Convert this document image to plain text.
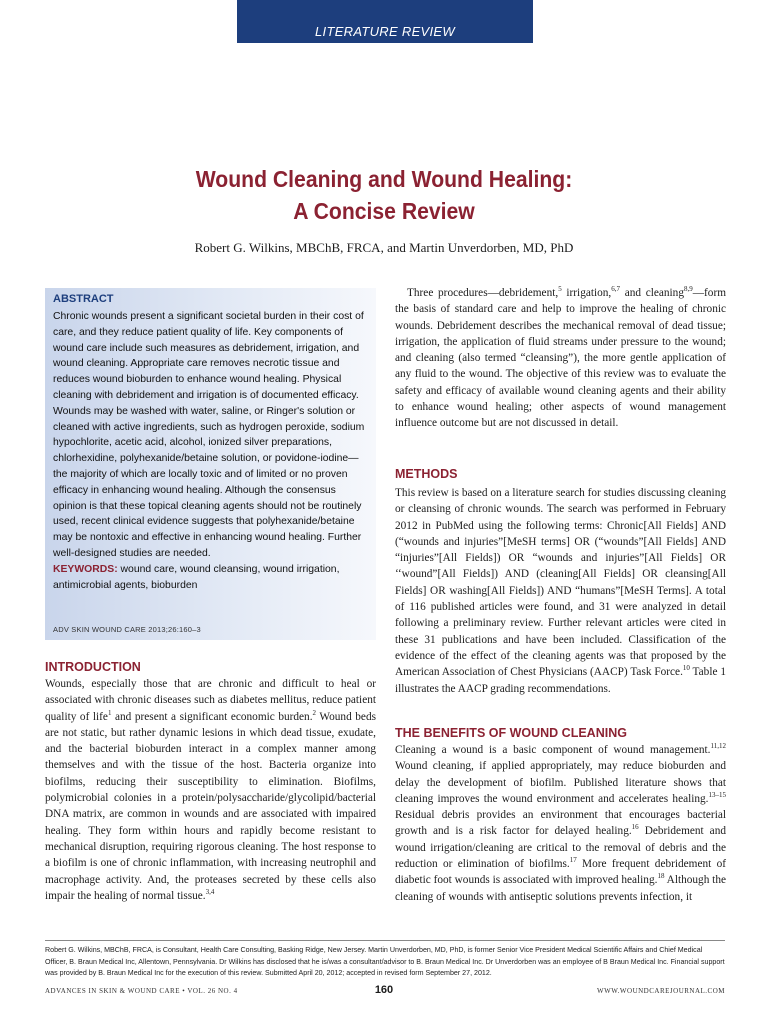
LITERATURE REVIEW
Wound Cleaning and Wound Healing:
A Concise Review
Robert G. Wilkins, MBChB, FRCA, and Martin Unverdorben, MD, PhD
ABSTRACT
Chronic wounds present a significant societal burden in their cost of care, and they reduce patient quality of life. Key components of wound care include such measures as debridement, irrigation, and wound cleaning. Appropriate care removes necrotic tissue and reduces wound bioburden to enhance wound healing. Physical cleaning with debridement and irrigation is of documented efficacy. Wounds may be washed with water, saline, or Ringer's solution or cleaned with active ingredients, such as hydrogen peroxide, sodium hypochlorite, acetic acid, alcohol, ionized silver preparations, chlorhexidine, polyhexanide/betaine solution, or povidone-iodine—the majority of which are locally toxic and of limited or no proven efficacy in enhancing wound healing. Although the consensus opinion is that these topical cleaning agents should not be routinely used, recent clinical evidence suggests that polyhexanide/betaine may be nontoxic and effective in enhancing wound healing. Further well-designed studies are needed.
KEYWORDS: wound care, wound cleansing, wound irrigation, antimicrobial agents, bioburden
ADV SKIN WOUND CARE 2013;26:160–3
INTRODUCTION

Wounds, especially those that are chronic and difficult to heal or associated with chronic diseases such as diabetes mellitus, reduce patient quality of life$^1$ and present a significant economic burden.$^2$ Wound beds are not static, but rather dynamic lesions in which dead tissue, exudate, and the bacterial bioburden interact in a complex manner among themselves and with the tissue of the host. Bacteria organize into biofilms, reducing their susceptibility to elimination. Biofilms, polymicrobial colonies in a protein/polysaccharide/glycolipid/bacterial DNA matrix, are common in wounds and are associated with impaired healing. They form within hours and rapidly become resistant to mechanical disruption, requiring rigorous cleaning. The host response to a biofilm is one of chronic inflammation, with increasing neutrophil and macrophage activity. And, the proteases secreted by these cells also impair the healing of normal tissue.$^{3,4}$

Three procedures—debridement,$^5$ irrigation,$^{6,7}$ and cleaning$^{8,9}$—form the basis of standard care and help to improve the healing of chronic wounds. Debridement describes the mechanical removal of dead tissue; irrigation, the application of fluid streams under pressure to the wound; and cleaning (also termed “cleansing”), the more gentle application of any fluid to the wound. The objective of this review was to evaluate the safety and efficacy of available wound cleaning agents and their ability to enhance wound healing; other aspects of wound management influence outcome but are not discussed in detail.

METHODS

This review is based on a literature search for studies discussing cleaning or cleansing of chronic wounds. The search was performed in February 2012 in PubMed using the following terms: Chronic[All Fields] AND (“wounds and injuries”[MeSH terms] OR (“wounds”[All Fields] AND “injuries”[All Fields]) OR “wounds and injuries”[All Fields] OR ‘‘wound”[All Fields]) AND (cleaning[All Fields] OR cleansing[All Fields] OR washing[All Fields]) AND “humans”[MeSH Terms]. A total of 116 published articles were found, and 31 were analyzed in detail following a preliminary review. Further relevant articles were cited in these 31 publications and have been included. Classification of the evidence of the effect of the cleaning agents was that proposed by the American Association of Chest Physicians (AACP) Task Force.$^{10}$ Table 1 illustrates the AACP grading recommendations.

THE BENEFITS OF WOUND CLEANING

Cleaning a wound is a basic component of wound management.$^{11,12}$ Wound cleaning, if applied appropriately, may reduce bioburden and delay the development of biofilm. Published literature shows that cleaning improves the wound environment and accelerates healing.$^{13-15}$ Residual debris provides an environment that encourages bacterial growth and is a risk factor for delayed healing.$^{16}$ Debridement and wound irrigation/cleaning are critical to the removal of debris and the reduction or elimination of biofilms.$^{17}$ More frequent debridement of diabetic foot wounds is associated with improved healing.$^{18}$ Although the cleaning of wounds with antiseptic solutions prevents infection, it

Robert G. Wilkins, MBChB, FRCA, is Consultant, Health Care Consulting, Basking Ridge, New Jersey. Martin Unverdorben, MD, PhD, is former Senior Vice President Medical Scientific Affairs and Chief Medical Officer, B. Braun Medical Inc, Allentown, Pennsylvania. Dr Wilkins has disclosed that he is/was a consultant/advisor to B. Braun Medical Inc. Dr Unverdorben was an employee of B Braun Medical Inc. Financial support was provided by B. Braun Medical Inc for the execution of this review. Submitted April 20, 2012; accepted in revised form September 27, 2012.
ADVANCES IN SKIN & WOUND CARE • VOL. 26 NO. 4	160	WWW.WOUNDCAREJOURNAL.COM
